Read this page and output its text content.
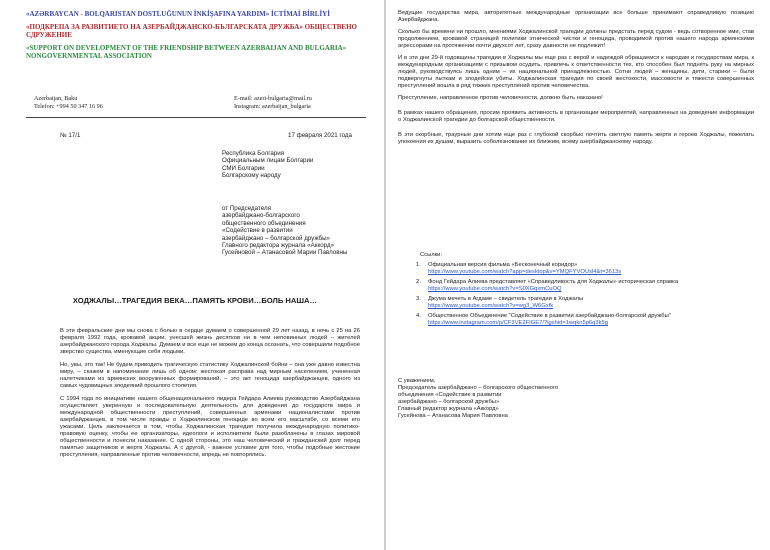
«AZƏRBAYCAN - BOLQARISTAN DOSTLUĞUNUN İNKİŞAFINA YARDIM» İCTİMAİ BİRLİYİ

«ПОДКРЕПА ЗА РАЗВИТИЕТО НА АЗЕРБАЙДЖАНСКО-БЪЛГАРСКАТА ДРУЖБА» ОБЩЕСТВЕНО СДРУЖЕНИЕ

«SUPPORT ON DEVELOPMENT OF THE FRIENDSHIP BETWEEN AZERBAIJAN AND BULGARIA»

NONGOVERNMENTAL ASSOCIATION

Azerbaijan, Baku
Telefon: +994 50 347 16 96
E-mail: azeri-bulgaria@mail.ru
Instagram: azerbaijan_bulgaria
№ 17/1	17 февраля 2021 года
Республика Болгария
Официальным лицам Болгарии
СМИ Болгарии
Болгарскому народу
от Председателя
азербайджано-болгарского
общественного объединения
«Содействие в развитии
азербайджано – болгарской дружбы»
Главного редактора журнала «Аккорд»
Гусейновой – Атанасовой Марии Павловны
ХОДЖАЛЫ…ТРАГЕДИЯ ВЕКА…ПАМЯТЬ КРОВИ…БОЛЬ НАША…

В эти февральские дни мы снова с болью в сердце думаем о совершенной 29 лет назад, в ночь с 25 на 26 февраля 1992 года, кровавой акции, унесшей жизнь десятков ни в чем неповинных людей – жителей азербайджанского города Ходжалы. Думаем и все еще не можем до конца осознать, что совершили подобное зверство существа, именующие себя людьми.

Но, увы, это так! Не будем приводить трагическую статистику Ходжалинской бойни – она уже давно известна миру, – скажем в напоминание лишь об одном: жестокая расправа над мирным населением, учиненная налетчиками из армянских вооруженных формирований, – это акт геноцида азербайджанцев, одного из самых чудовищных злодеяний прошлого столетия.

С 1994 года по инициативе нашего общенационального лидера Гейдара Алиева руководство Азербайджана осуществляет уверенную и последовательную деятельность для доведения до государств мира и международной общественности преступлений, совершенных армянами националистами против азербайджанцев, в том числе правды о Ходжалинском геноциде во всем его масштабе, со всеми его ужасами. Цель заключается в том, чтобы Ходжалинская трагедия получила международную политико-правовую оценку, чтобы ее организаторы, идеологи и исполнители были разоблачены в глазах мировой общественности и понесли наказание. С одной стороны, это наш человеческий и гражданский долг перед памятью защитников и жертв Ходжалы. А с другой, - важное условие для того, чтобы подобные жестокие преступления, направленные против человечности, впредь не повторялись.

Ведущие государства мира, авторитетные международные организации все больше принимают справедливую позицию Азербайджана.

Сколько бы времени ни прошло, мнениями Ходжалинской трагедии должны предстать перед судом - ведь сотворенное ими, став продолжением, кровавой страницей политики этнической чистки и геноцида, проводимой против нашего народа армянскими агрессорами на протяжении почти двухсот лет, сразу давности не подлежит!

И в эти дни 29-й годовщины трагедии в Ходжалы мы еще раз с верой и надеждой обращаемся к народам и государствам мира, к международным организациям с призывом осудить, привлечь к ответственности тех, кто способен был поднять руку на мирных людей, руководствуясь лишь одним – их национальной принадлежностью. Сотни людей – женщины, дети, старики – были подвергнуты пыткам и злодейски убиты. Ходжалинская трагедия по своей жестокости, массовости и тяжести совершенных преступлений вошла в ряд тяжких преступлений против человечества.

Преступление, направленное против человечности, должно быть наказано!

В рамках нашего обращения, просим проявить активность в организации мероприятий, направленных на доведение информации о Ходжалинской трагедии до болгарской общественности.

В эти скорбные, траурные дни хотим еще раз с глубокой скорбью почтить светлую память жертв и героев Ходжалы, пожелать упокоения их душам, выразить соболезнование их близким, всему азербайджанскому народу.

Ссылки:
1.	Официальная версия фильма «Бесконечный коридор»
https://www.youtube.com/watch?app=desktop&v=YMQFYVOUsl4&t=3613s
2.	Фонд Гейдара Алиева представляет «Справедливость для Ходжалы» историческая справка
https://www.youtube.com/watch?v=S0XGqxmCuOQ
3.	Джума мечеть в Агдаме – свидетель трагедии в Ходжалы
https://www.youtube.com/watch?v=wg3_W6Gxfk
4.	Общественное Объединение "Содействие в развитии азербайджано-болгарской дружбы"
https://www.instagram.com/p/CF3VE2FIGE7/?igshid=1wqkn5p6q3k5g
С уважением,
Председатель азербайджано – болгарского общественного
объединения «Содействие в развитии
азербайджано – болгарской дружбы»
Главный редактор журнала «Аккорд»
Гусейнова – Атанасова Мария Павловна
